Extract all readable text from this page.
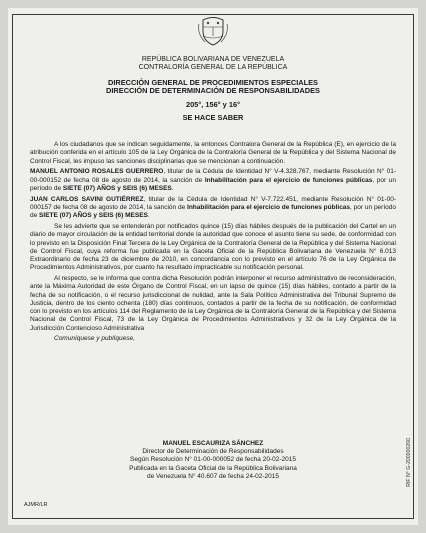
REPÚBLICA BOLIVARIANA DE VENEZUELA
CONTRALORÍA GENERAL DE LA REPÚBLICA
DIRECCIÓN GENERAL DE PROCEDIMIENTOS ESPECIALES
DIRECCIÓN DE DETERMINACIÓN DE RESPONSABILIDADES
205°, 156° y 16°
SE HACE SABER

A los ciudadanos que se indican seguidamente, la entonces Contralora General de la República (E), en ejercicio de la atribución conferida en el artículo 105 de la Ley Orgánica de la Contraloría General de la República y del Sistema Nacional de Control Fiscal, les impuso las sanciones disciplinarias que se mencionan a continuación.

MANUEL ANTONIO ROSALES GUERRERO, titular de la Cédula de Identidad N° V-4.328.767, mediante Resolución N° 01-00-000152 de fecha 08 de agosto de 2014, la sanción de Inhabilitación para el ejercicio de funciones públicas, por un período de SIETE (07) AÑOS y SEIS (6) MESES.

JUAN CARLOS SAVINI GUTIÉRREZ, titular de la Cédula de Identidad N° V-7.722.451, mediante Resolución N° 01-00-000157 de fecha 08 de agosto de 2014, la sanción de Inhabilitación para el ejercicio de funciones públicas, por un período de SIETE (07) AÑOS y SEIS (6) MESES.

Se les advierte que se entenderán por notificados quince (15) días hábiles después de la publicación del Cartel en un diario de mayor circulación de la entidad territorial donde la autoridad que conoce el asunto tiene su sede, de conformidad con lo previsto en la Disposición Final Tercera de la Ley Orgánica de la Contraloría General de la República y del Sistema Nacional de Control Fiscal, cuya reforma fue publicada en la Gaceta Oficial de la República Bolivariana de Venezuela N° 6.013 Extraordinario de fecha 23 de diciembre de 2010, en concordancia con lo previsto en el artículo 76 de la Ley Orgánica de Procedimientos Administrativos, por cuanto ha resultado impracticable su notificación personal.

Al respecto, se le informa que contra dicha Resolución podrán interponer el recurso administrativo de reconsideración, ante la Máxima Autoridad de este Órgano de Control Fiscal, en un lapso de quince (15) días hábiles, contado a partir de la fecha de su notificación, o el recurso jurisdiccional de nulidad, ante la Sala Político Administrativa del Tribunal Supremo de Justicia, dentro de los ciento ochenta (180) días continuos, contados a partir de la fecha de su notificación, de conformidad con lo previsto en los artículos 114 del Reglamento de la Ley Orgánica de la Contraloría General de la República y del Sistema Nacional de Control Fiscal, 73 de la Ley Orgánica de Procedimientos Administrativos y 32 de la Ley Orgánica de la Jurisdicción Contencioso Administrativa

Comuníquese y publíquese,

MANUEL ESCAURIZA SÁNCHEZ
Director de Determinación de Responsabilidades
Según Resolución N° 01-00-000052 de fecha 20-02-2015
Publicada en la Gaceta Oficial de la República Bolivariana
de Venezuela N° 40.607 de fecha 24-02-2015
AJMR/LR
RIF N° G-200000260
